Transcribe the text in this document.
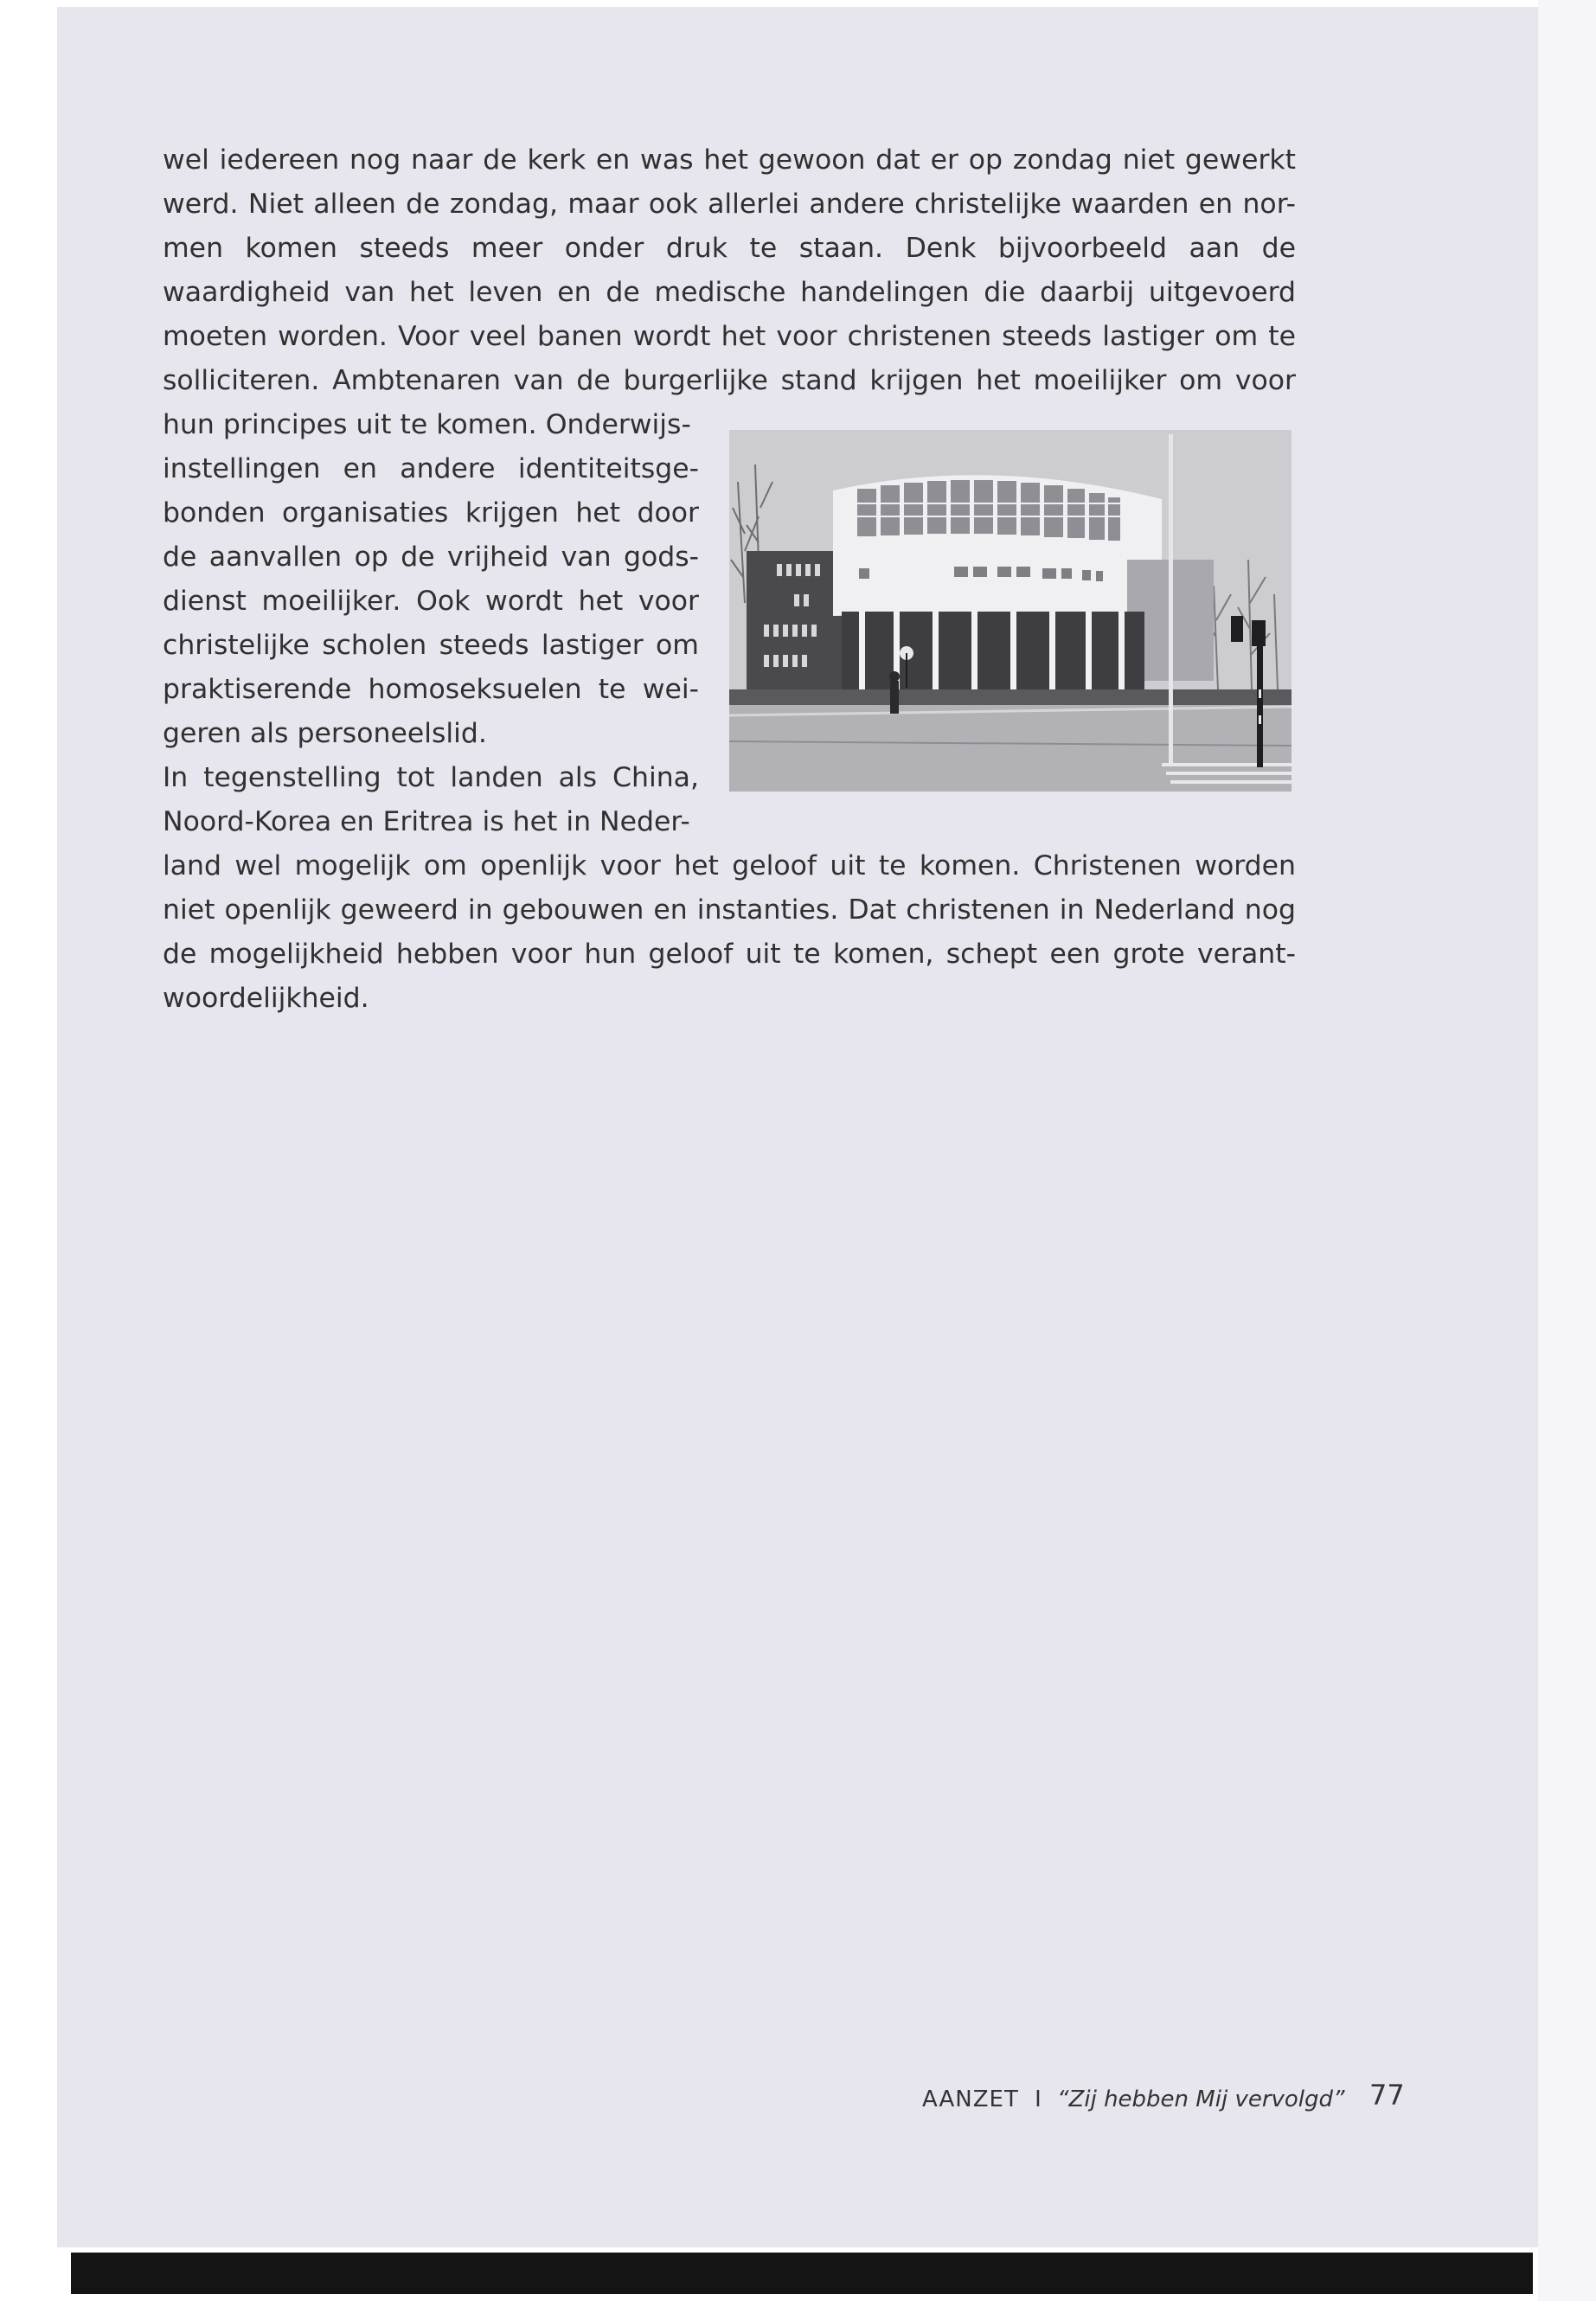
wel iedereen nog naar de kerk en was het gewoon dat er op zondag niet gewerkt
werd. Niet alleen de zondag, maar ook allerlei andere christelijke waarden en nor-
men komen steeds meer onder druk te staan. Denk bijvoorbeeld aan de
waardigheid van het leven en de medische handelingen die daarbij uitgevoerd
moeten worden. Voor veel banen wordt het voor christenen steeds lastiger om te
solliciteren. Ambtenaren van de burgerlijke stand krijgen het moeilijker om voor
hun principes uit te komen. Onderwijs-
instellingen en andere identiteitsge-
bonden organisaties krijgen het door
de aanvallen op de vrijheid van gods-
dienst moeilijker. Ook wordt het voor
christelijke scholen steeds lastiger om
praktiserende homoseksuelen te wei-
geren als personeelslid.
In tegenstelling tot landen als China,
Noord-Korea en Eritrea is het in Neder-
land wel mogelijk om openlijk voor het geloof uit te komen. Christenen worden
niet openlijk geweerd in gebouwen en instanties. Dat christenen in Nederland nog
de mogelijkheid hebben voor hun geloof uit te komen, schept een grote verant-
woordelijkheid.
AANZET I “Zij hebben Mij vervolgd” 77
